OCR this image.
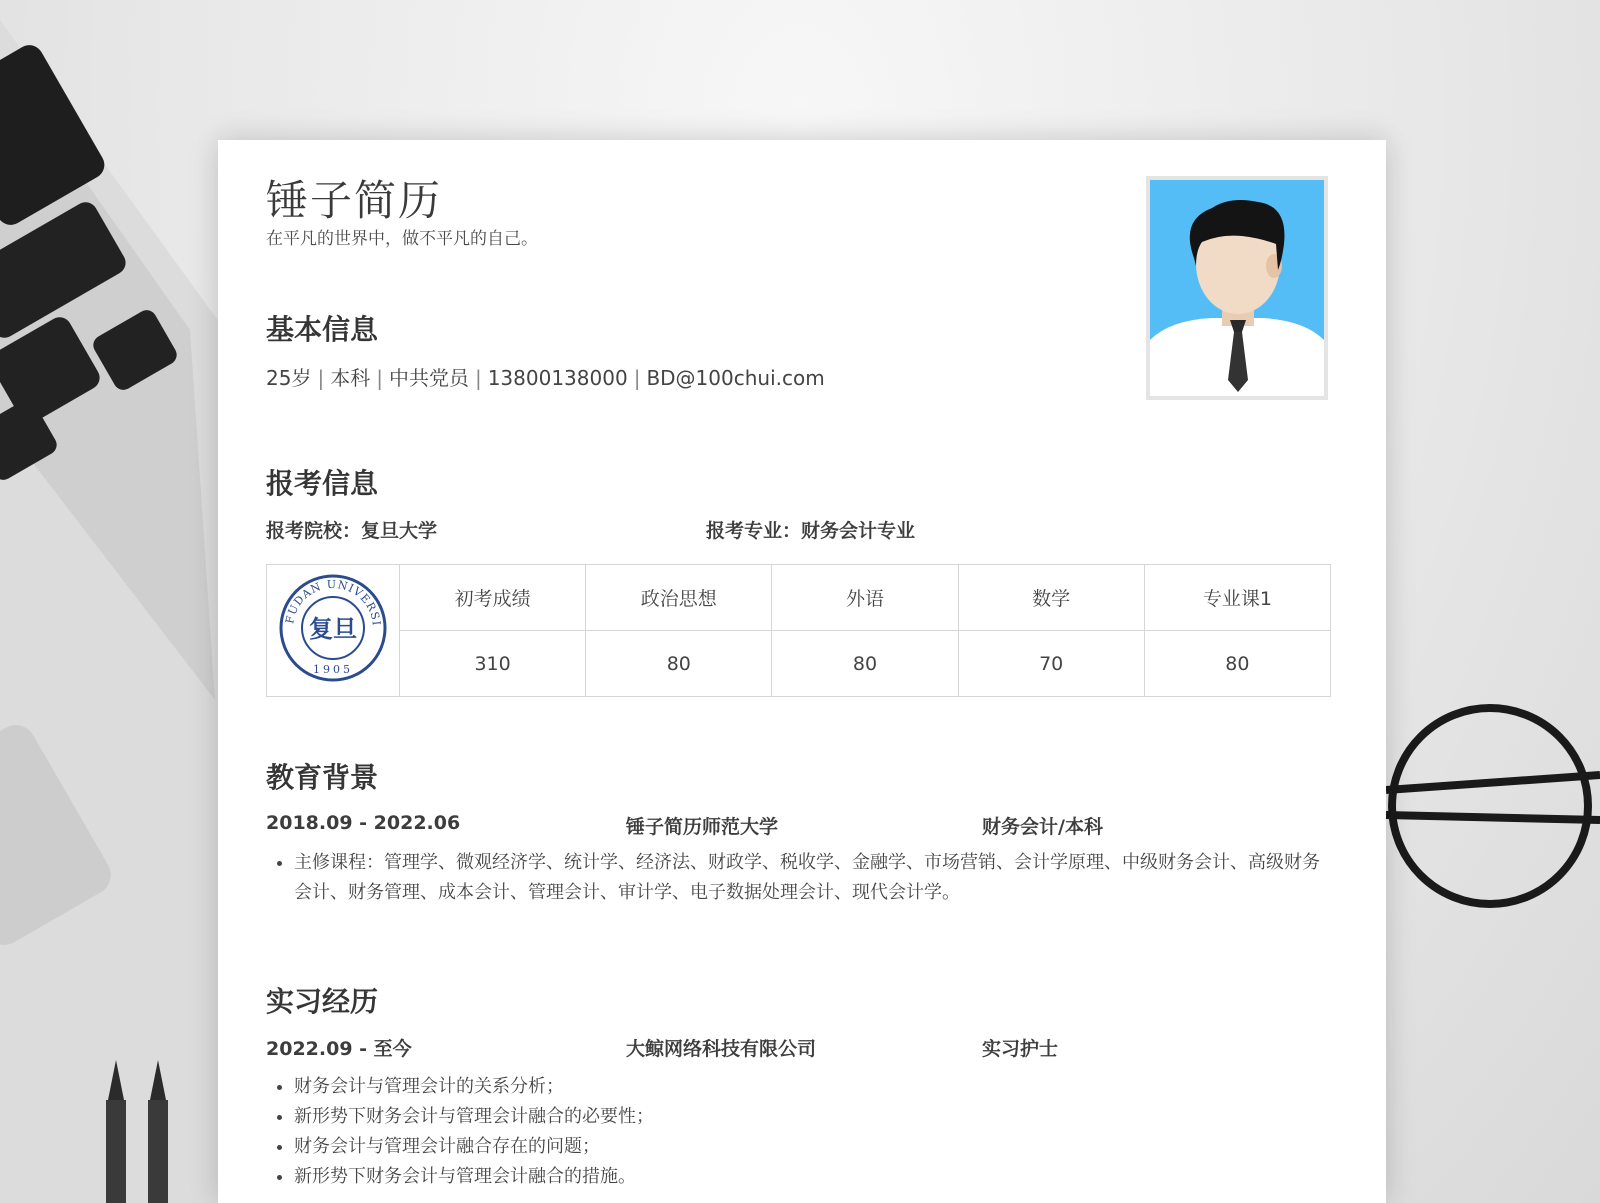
锤子简历

在平凡的世界中，做不平凡的自己。

基本信息
25岁 | 本科 | 中共党员 | 13800138000 | BD@100chui.com
报考信息
报考院校：复旦大学	报考专业：财务会计专业
FUDAN UNIVERSI
1905
复旦	初考成绩	政治思想	外语	数学	专业课1
	310	80	80	70	80
教育背景
2018.09 - 2022.06	锤子简历师范大学	财务会计/本科
• 主修课程：管理学、微观经济学、统计学、经济法、财政学、税收学、金融学、市场营销、会计学原理、中级财务会计、高级财务会计、财务管理、成本会计、管理会计、审计学、电子数据处理会计、现代会计学。
实习经历
2022.09 - 至今	大鲸网络科技有限公司	实习护士
• 财务会计与管理会计的关系分析；
• 新形势下财务会计与管理会计融合的必要性；
• 财务会计与管理会计融合存在的问题；
• 新形势下财务会计与管理会计融合的措施。
